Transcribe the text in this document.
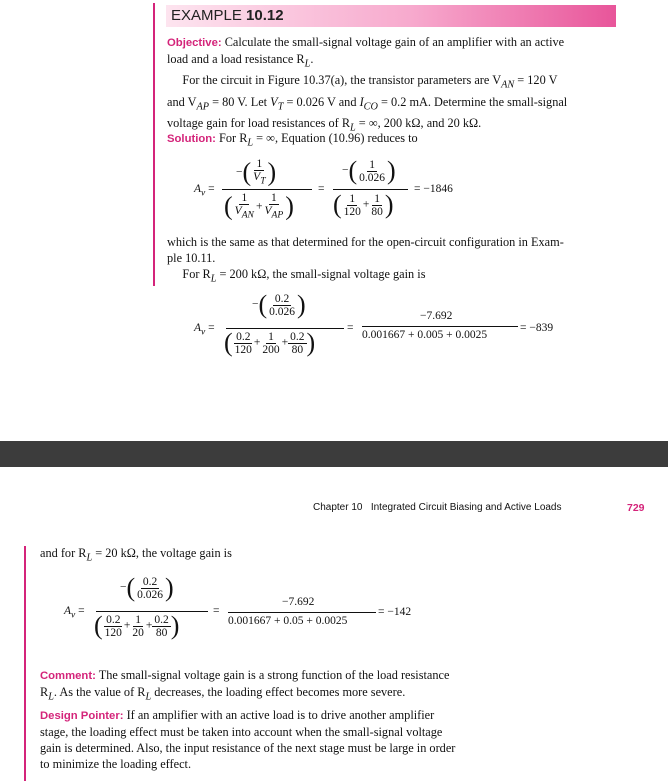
EXAMPLE 10.12
Objective: Calculate the small-signal voltage gain of an amplifier with an active
load and a load resistance $R_L$.
For the circuit in Figure 10.37(a), the transistor parameters are $V_{AN} = 120$ V
and $V_{AP} = 80$ V. Let $V_T = 0.026$ V and $I_{CO} = 0.2$ mA. Determine the small-signal
voltage gain for load resistances of $R_L$ = ∞, 200 kΩ, and 20 kΩ.
Solution: For $R_L$ = ∞, Equation (10.96) reduces to
$A_v$ =
−( $\frac{1}{V_T}$ )
( $\frac{1}{V_{AN}} + \frac{1}{V_{AP}}$ )
=
−( $\frac{1}{0.026}$ )
( $\frac{1}{120} + \frac{1}{80}$ )
= −1846
which is the same as that determined for the open-circuit configuration in Exam-
ple 10.11.
For $R_L = 200$ kΩ, the small-signal voltage gain is
$A_v$ =
−( $\frac{0.2}{0.026}$ )
( $\frac{0.2}{120} + \frac{1}{200} + \frac{0.2}{80}$ )	=
−7.692
0.001667 + 0.005 + 0.0025
= −839
Chapter 10 Integrated Circuit Biasing and Active Loads	729
and for $R_L = 20$ kΩ, the voltage gain is
$A_v$ =
−( $\frac{0.2}{0.026}$ )
( $\frac{0.2}{120} + \frac{1}{20} + \frac{0.2}{80}$ )	=
−7.692
0.001667 + 0.05 + 0.0025
= −142
Comment: The small-signal voltage gain is a strong function of the load resistance
$R_L$. As the value of $R_L$ decreases, the loading effect becomes more severe.
Design Pointer: If an amplifier with an active load is to drive another amplifier
stage, the loading effect must be taken into account when the small-signal voltage
gain is determined. Also, the input resistance of the next stage must be large in order
to minimize the loading effect.
